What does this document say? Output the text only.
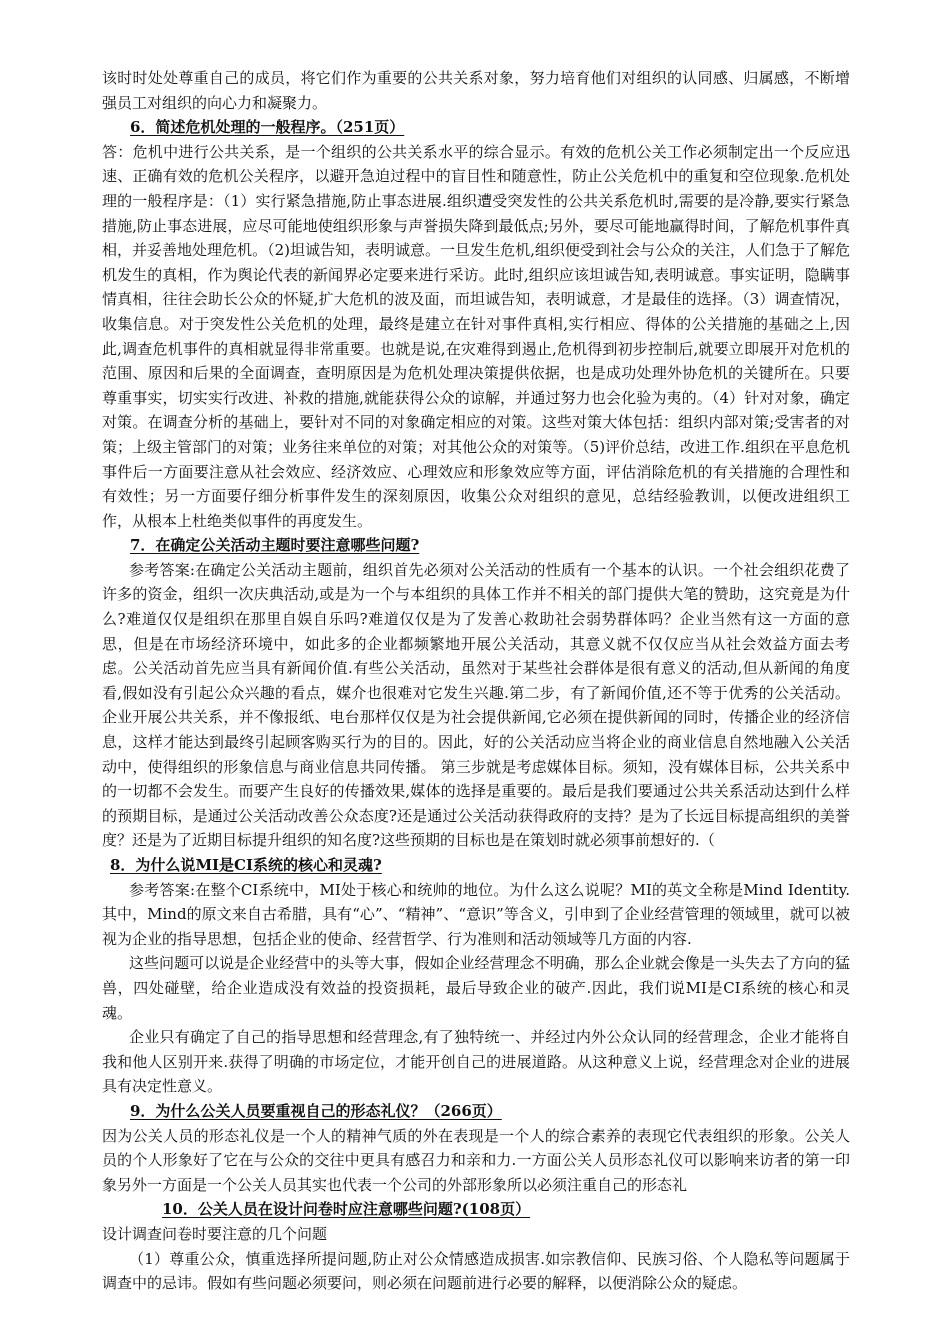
该时时处处尊重自己的成员，将它们作为重要的公共关系对象，努力培育他们对组织的认同感、归属感，不断增强员工对组织的向心力和凝聚力。

6．简述危机处理的一般程序。（251页）

答：危机中进行公共关系，是一个组织的公共关系水平的综合显示。有效的危机公关工作必须制定出一个反应迅速、正确有效的危机公关程序，以避开急迫过程中的盲目性和随意性，防止公关危机中的重复和空位现象.危机处理的一般程序是：（1）实行紧急措施,防止事态进展.组织遭受突发性的公共关系危机时,需要的是冷静,要实行紧急措施,防止事态进展，应尽可能地使组织形象与声誉损失降到最低点;另外，要尽可能地赢得时间，了解危机事件真相，并妥善地处理危机。（2)坦诚告知，表明诚意。一旦发生危机,组织便受到社会与公众的关注，人们急于了解危机发生的真相，作为舆论代表的新闻界必定要来进行采访。此时,组织应该坦诚告知,表明诚意。事实证明，隐瞒事情真相，往往会助长公众的怀疑,扩大危机的波及面，而坦诚告知，表明诚意，才是最佳的选择。（3）调查情况，收集信息。对于突发性公关危机的处理，最终是建立在针对事件真相,实行相应、得体的公关措施的基础之上,因此,调查危机事件的真相就显得非常重要。也就是说,在灾难得到遏止,危机得到初步控制后,就要立即展开对危机的范围、原因和后果的全面调查，查明原因是为危机处理决策提供依据，也是成功处理外协危机的关键所在。只要尊重事实，切实实行改进、补救的措施,就能获得公众的谅解，并通过努力也会化验为夷的。（4）针对对象，确定对策。在调查分析的基础上，要针对不同的对象确定相应的对策。这些对策大体包括：组织内部对策;受害者的对策；上级主管部门的对策；业务往来单位的对策；对其他公众的对策等。（5)评价总结，改进工作.组织在平息危机事件后一方面要注意从社会效应、经济效应、心理效应和形象效应等方面，评估消除危机的有关措施的合理性和有效性；另一方面要仔细分析事件发生的深刻原因，收集公众对组织的意见，总结经验教训，以便改进组织工作，从根本上杜绝类似事件的再度发生。

7．在确定公关活动主题时要注意哪些问题?

参考答案:在确定公关活动主题前，组织首先必须对公关活动的性质有一个基本的认识。一个社会组织花费了许多的资金，组织一次庆典活动,或是为一个与本组织的具体工作并不相关的部门提供大笔的赞助，这究竟是为什么?难道仅仅是组织在那里自娱自乐吗?难道仅仅是为了发善心救助社会弱势群体吗？企业当然有这一方面的意思，但是在市场经济环境中，如此多的企业都频繁地开展公关活动，其意义就不仅仅应当从社会效益方面去考虑。公关活动首先应当具有新闻价值.有些公关活动，虽然对于某些社会群体是很有意义的活动,但从新闻的角度看,假如没有引起公众兴趣的看点，媒介也很难对它发生兴趣.第二步，有了新闻价值,还不等于优秀的公关活动。企业开展公共关系，并不像报纸、电台那样仅仅是为社会提供新闻,它必须在提供新闻的同时，传播企业的经济信息，这样才能达到最终引起顾客购买行为的目的。因此，好的公关活动应当将企业的商业信息自然地融入公关活动中，使得组织的形象信息与商业信息共同传播。 第三步就是考虑媒体目标。须知，没有媒体目标，公共关系中的一切都不会发生。而要产生良好的传播效果,媒体的选择是重要的。最后是我们要通过公共关系活动达到什么样的预期目标，是通过公关活动改善公众态度?还是通过公关活动获得政府的支持？是为了长远目标提高组织的美誉度？还是为了近期目标提升组织的知名度?这些预期的目标也是在策划时就必须事前想好的.（

8．为什么说MI是CI系统的核心和灵魂?

参考答案:在整个CI系统中，MI处于核心和统帅的地位。为什么这么说呢？MI的英文全称是Mind Identity.其中，Mind的原文来自古希腊，具有“心”、“精神”、“意识”等含义，引申到了企业经营管理的领域里，就可以被视为企业的指导思想，包括企业的使命、经营哲学、行为准则和活动领域等几方面的内容.

这些问题可以说是企业经营中的头等大事，假如企业经营理念不明确，那么企业就会像是一头失去了方向的猛兽，四处碰壁，给企业造成没有效益的投资损耗，最后导致企业的破产.因此，我们说MI是CI系统的核心和灵魂。

企业只有确定了自己的指导思想和经营理念,有了独特统一、并经过内外公众认同的经营理念，企业才能将自我和他人区别开来.获得了明确的市场定位，才能开创自己的进展道路。从这种意义上说，经营理念对企业的进展具有决定性意义。

9．为什么公关人员要重视自己的形态礼仪？（266页）

因为公关人员的形态礼仪是一个人的精神气质的外在表现是一个人的综合素养的表现它代表组织的形象。公关人员的个人形象好了它在与公众的交往中更具有感召力和亲和力.一方面公关人员形态礼仪可以影响来访者的第一印象另外一方面是一个公关人员其实也代表一个公司的外部形象所以必须注重自己的形态礼

10．公关人员在设计问卷时应注意哪些问题?(108页）

设计调查问卷时要注意的几个问题

（1）尊重公众，慎重选择所提问题,防止对公众情感造成损害.如宗教信仰、民族习俗、个人隐私等问题属于调查中的忌讳。假如有些问题必须要问，则必须在问题前进行必要的解释，以便消除公众的疑虑。
